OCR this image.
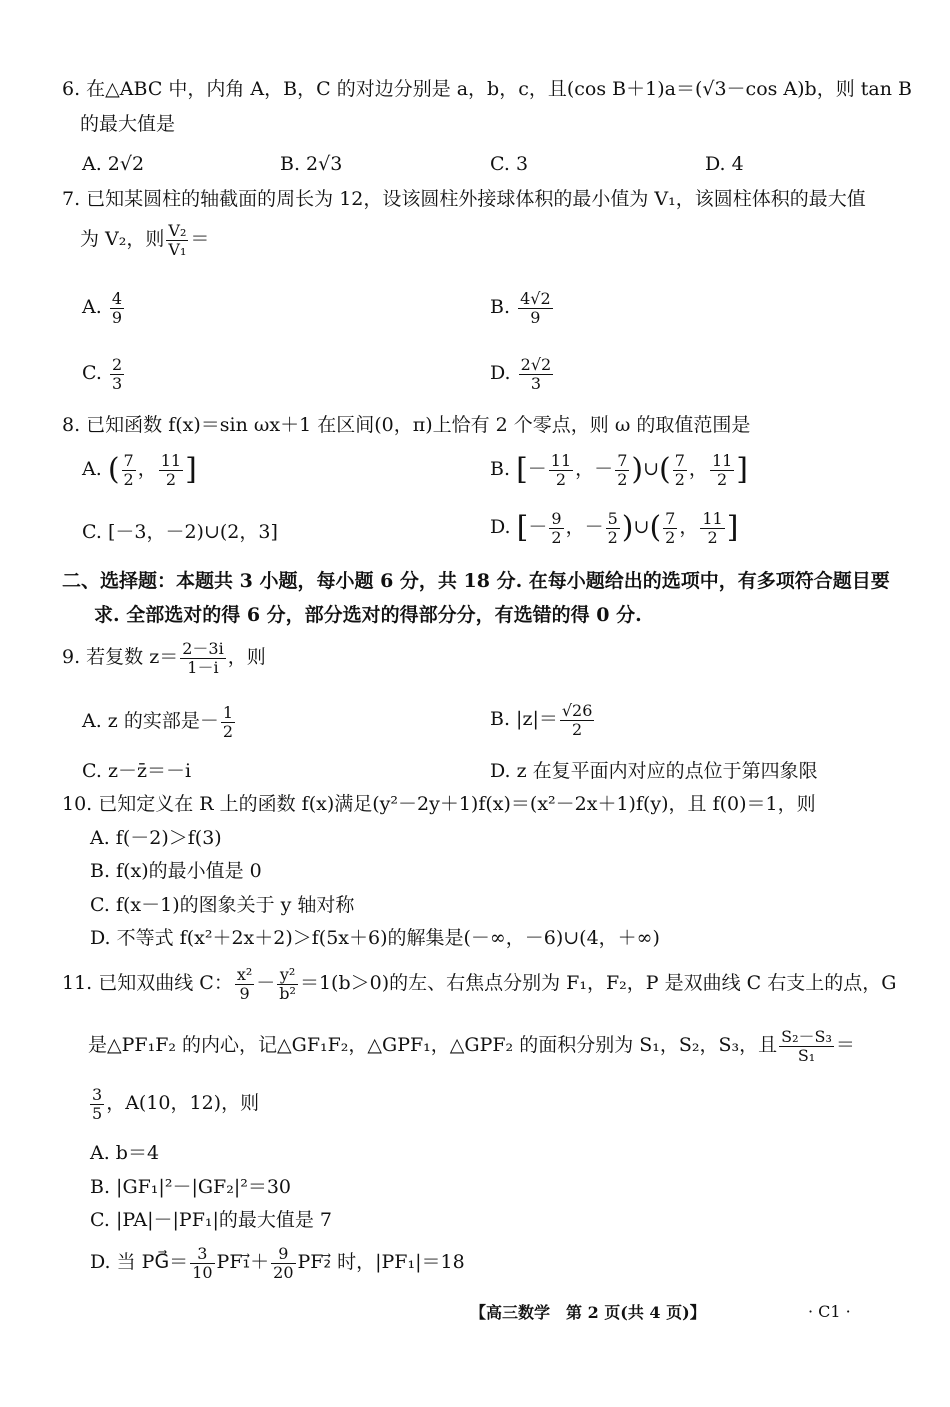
6. 在△ABC 中，内角 A，B，C 的对边分别是 a，b，c，且(cos B＋1)a＝(√3－cos A)b，则 tan B
的最大值是
A. 2√2	B. 2√3	C. 3	D. 4
7. 已知某圆柱的轴截面的周长为 12，设该圆柱外接球体积的最小值为 V₁，该圆柱体积的最大值
为 V₂，则 $\frac{\text{V₂}}{\text{V₁}}$ ＝
A. $\frac{4}{9}$	B. $\frac{4√2}{9}$
C. $\frac{2}{3}$	D. $\frac{2√2}{3}$
8. 已知函数 f(x)＝sin ωx＋1 在区间(0，π)上恰有 2 个零点，则 ω 的取值范围是
A. ( $\frac{7}{2}$ ， $\frac{11}{2}$ ]	B. [－ $\frac{11}{2}$ ，－ $\frac{7}{2}$ )∪( $\frac{7}{2}$ ， $\frac{11}{2}$ ]
C. [－3，－2)∪(2，3]	D. [－ $\frac{9}{2}$ ，－ $\frac{5}{2}$ )∪( $\frac{7}{2}$ ， $\frac{11}{2}$ ]
二、选择题：本题共 3 小题，每小题 6 分，共 18 分. 在每小题给出的选项中，有多项符合题目要
求. 全部选对的得 6 分，部分选对的得部分分，有选错的得 0 分.
9. 若复数 $z= \frac{2-3i}{1-i}$ ，则
A. z 的实部是－ $\frac{1}{2}$	B. $|z|= \frac{√26}{2}$
C. z－z̄＝－i	D. z 在复平面内对应的点位于第四象限
10. 已知定义在 R 上的函数 f(x)满足(y²－2y＋1)f(x)＝(x²－2x＋1)f(y)，且 f(0)＝1，则
A. f(－2)＞f(3)
B. f(x)的最小值是 0
C. f(x－1)的图象关于 y 轴对称
D. 不等式 f(x²＋2x＋2)＞f(5x＋6)的解集是(－∞，－6)∪(4，＋∞)
11. 已知双曲线 C： $\frac{\text{x²}}{9} - \frac{\text{y²}}{\text{b²}} =1(b>0)$的左、右焦点分别为 F₁，F₂，P 是双曲线 C 右支上的点，G
是△PF₁F₂ 的内心，记△GF₁F₂，△GPF₁，△GPF₂ 的面积分别为 S₁，S₂，S₃，且 $\frac{\text{S₂－S₃}}{\text{S₁}}$ ＝
$\frac{3}{5}$ ，A(10，12)，则
A. b＝4
B. |GF₁|²－|GF₂|²＝30
C. |PA|－|PF₁|的最大值是 7
D. 当 PG⃗＝ $\frac{3}{10}$ PF₁⃗＋ $\frac{9}{20}$ PF₂⃗ 时，|PF₁|＝18
【高三数学　第 2 页(共 4 页)】	· C1 ·
